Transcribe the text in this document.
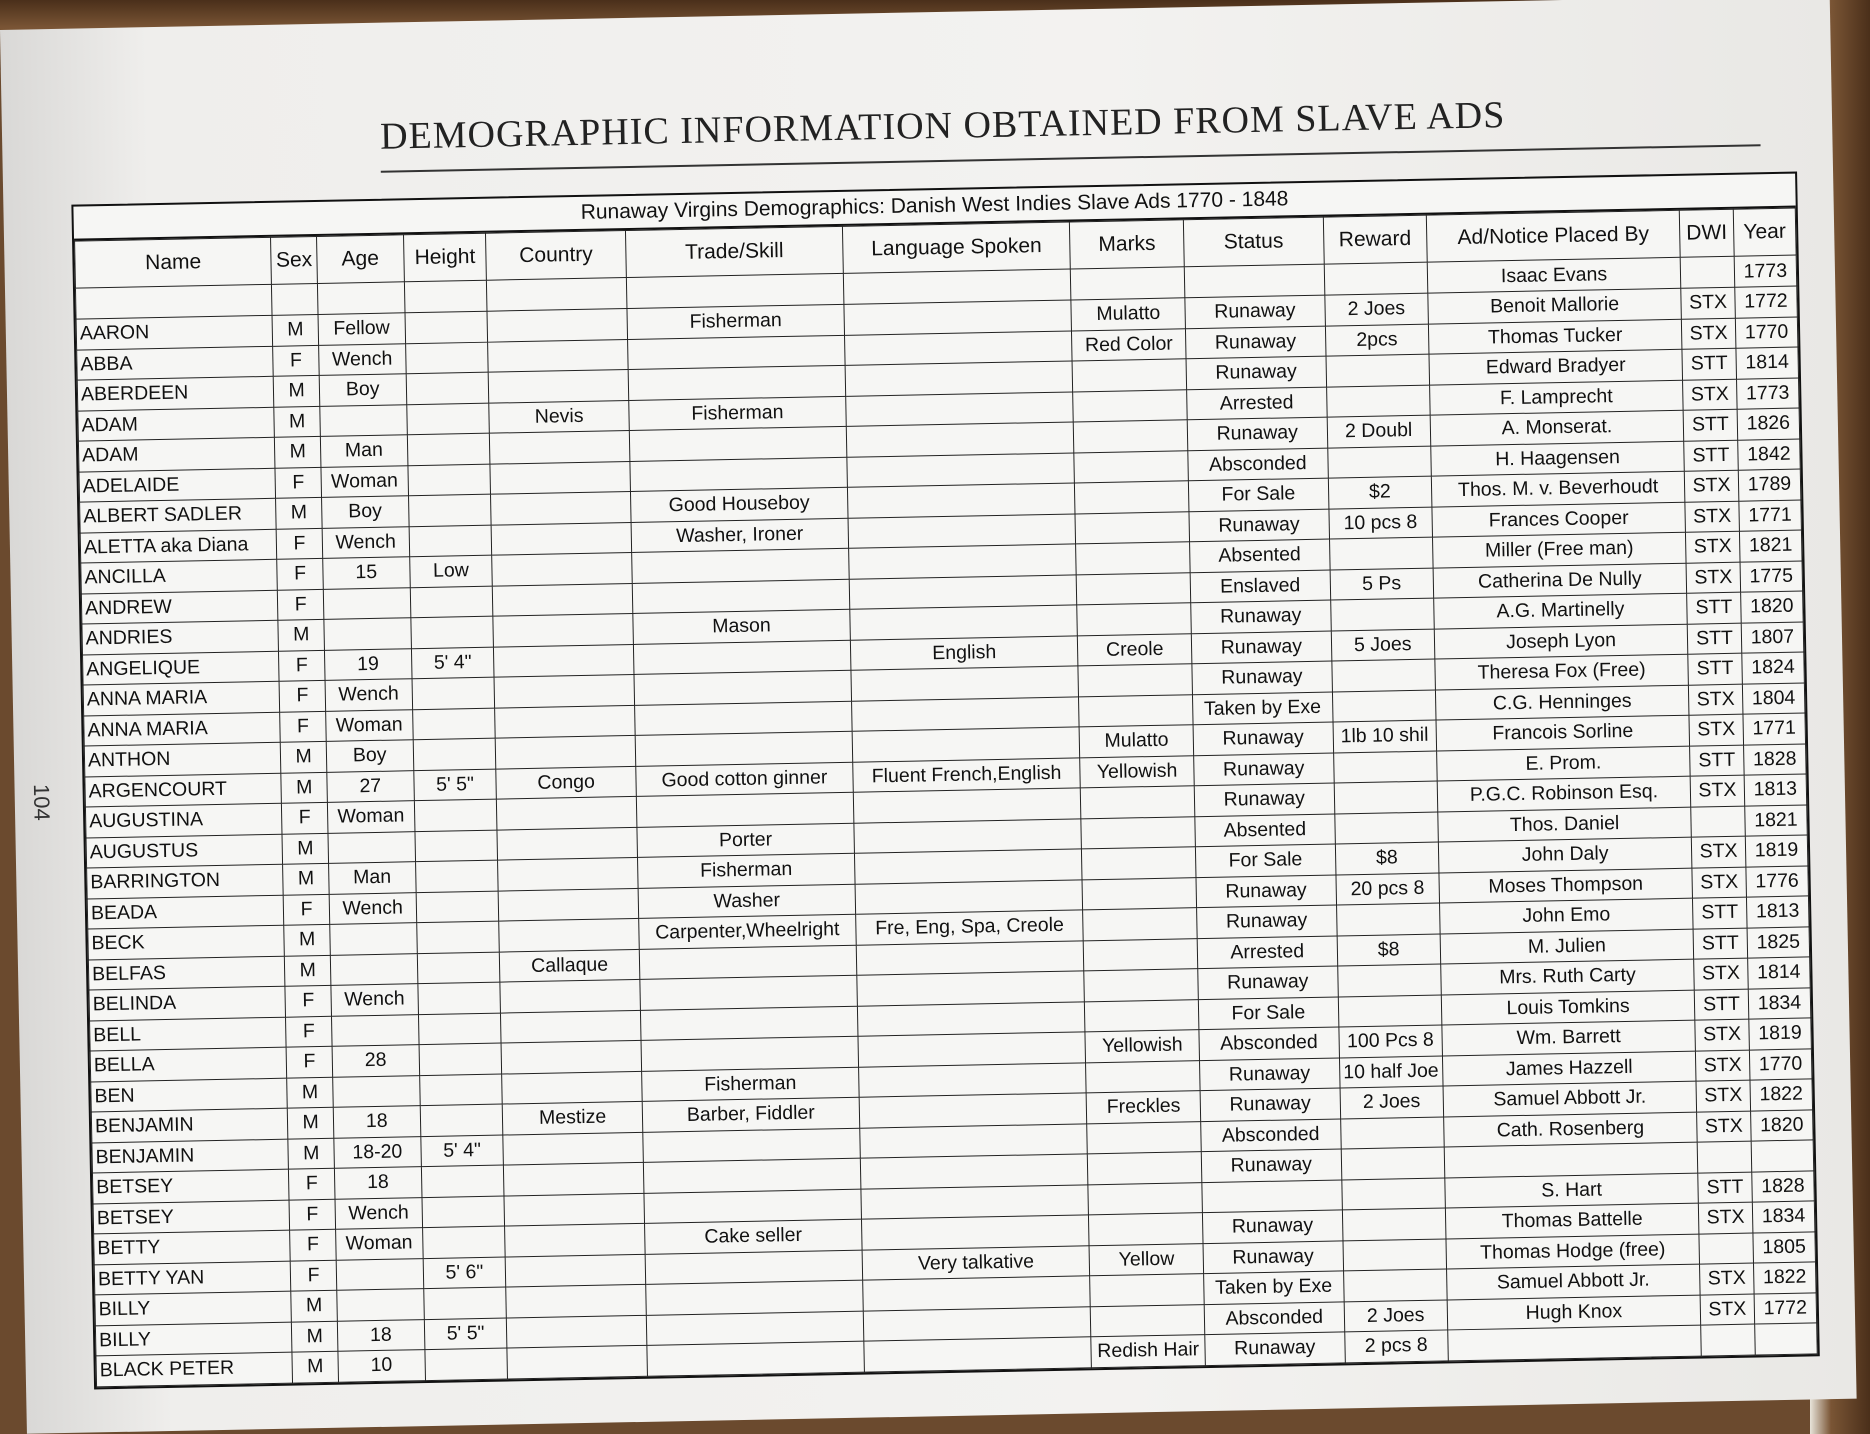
DEMOGRAPHIC INFORMATION OBTAINED FROM SLAVE ADS
104
Runaway Virgins Demographics: Danish West Indies Slave Ads 1770 - 1848
Name	Sex	Age	Height	Country	Trade/Skill	Language Spoken	Marks	Status	Reward	Ad/Notice Placed By	DWI	Year
										Isaac Evans		1773
AARON	M	Fellow			Fisherman		Mulatto	Runaway	2 Joes	Benoit Mallorie	STX	1772
ABBA	F	Wench					Red Color	Runaway	2pcs	Thomas Tucker	STX	1770
ABERDEEN	M	Boy						Runaway		Edward Bradyer	STT	1814
ADAM	M			Nevis	Fisherman			Arrested		F. Lamprecht	STX	1773
ADAM	M	Man						Runaway	2 Doubl	A. Monserat.	STT	1826
ADELAIDE	F	Woman						Absconded		H. Haagensen	STT	1842
ALBERT SADLER	M	Boy			Good Houseboy			For Sale	$2	Thos. M. v. Beverhoudt	STX	1789
ALETTA aka Diana	F	Wench			Washer, Ironer			Runaway	10 pcs 8	Frances Cooper	STX	1771
ANCILLA	F	15	Low					Absented		Miller (Free man)	STX	1821
ANDREW	F							Enslaved	5 Ps	Catherina De Nully	STX	1775
ANDRIES	M				Mason			Runaway		A.G. Martinelly	STT	1820
ANGELIQUE	F	19	5' 4"			English	Creole	Runaway	5 Joes	Joseph Lyon	STT	1807
ANNA MARIA	F	Wench						Runaway		Theresa Fox (Free)	STT	1824
ANNA MARIA	F	Woman						Taken by Exe		C.G. Henninges	STX	1804
ANTHON	M	Boy					Mulatto	Runaway	1lb 10 shil	Francois Sorline	STX	1771
ARGENCOURT	M	27	5' 5"	Congo	Good cotton ginner	Fluent French,English	Yellowish	Runaway		E. Prom.	STT	1828
AUGUSTINA	F	Woman						Runaway		P.G.C. Robinson Esq.	STX	1813
AUGUSTUS	M				Porter			Absented		Thos. Daniel		1821
BARRINGTON	M	Man			Fisherman			For Sale	$8	John Daly	STX	1819
BEADA	F	Wench			Washer			Runaway	20 pcs 8	Moses Thompson	STX	1776
BECK	M				Carpenter,Wheelright	Fre, Eng, Spa, Creole		Runaway		John Emo	STT	1813
BELFAS	M			Callaque				Arrested	$8	M. Julien	STT	1825
BELINDA	F	Wench						Runaway		Mrs. Ruth Carty	STX	1814
BELL	F							For Sale		Louis Tomkins	STT	1834
BELLA	F	28					Yellowish	Absconded	100 Pcs 8	Wm. Barrett	STX	1819
BEN	M				Fisherman			Runaway	10 half Joe	James Hazzell	STX	1770
BENJAMIN	M	18		Mestize	Barber, Fiddler		Freckles	Runaway	2 Joes	Samuel Abbott Jr.	STX	1822
BENJAMIN	M	18-20	5' 4"					Absconded		Cath. Rosenberg	STX	1820
BETSEY	F	18						Runaway				
BETSEY	F	Wench								S. Hart	STT	1828
BETTY	F	Woman			Cake seller			Runaway		Thomas Battelle	STX	1834
BETTY YAN	F		5' 6"			Very talkative	Yellow	Runaway		Thomas Hodge (free)		1805
BILLY	M							Taken by Exe		Samuel Abbott Jr.	STX	1822
BILLY	M	18	5' 5"					Absconded	2 Joes	Hugh Knox	STX	1772
BLACK PETER	M	10					Redish Hair	Runaway	2 pcs 8			
